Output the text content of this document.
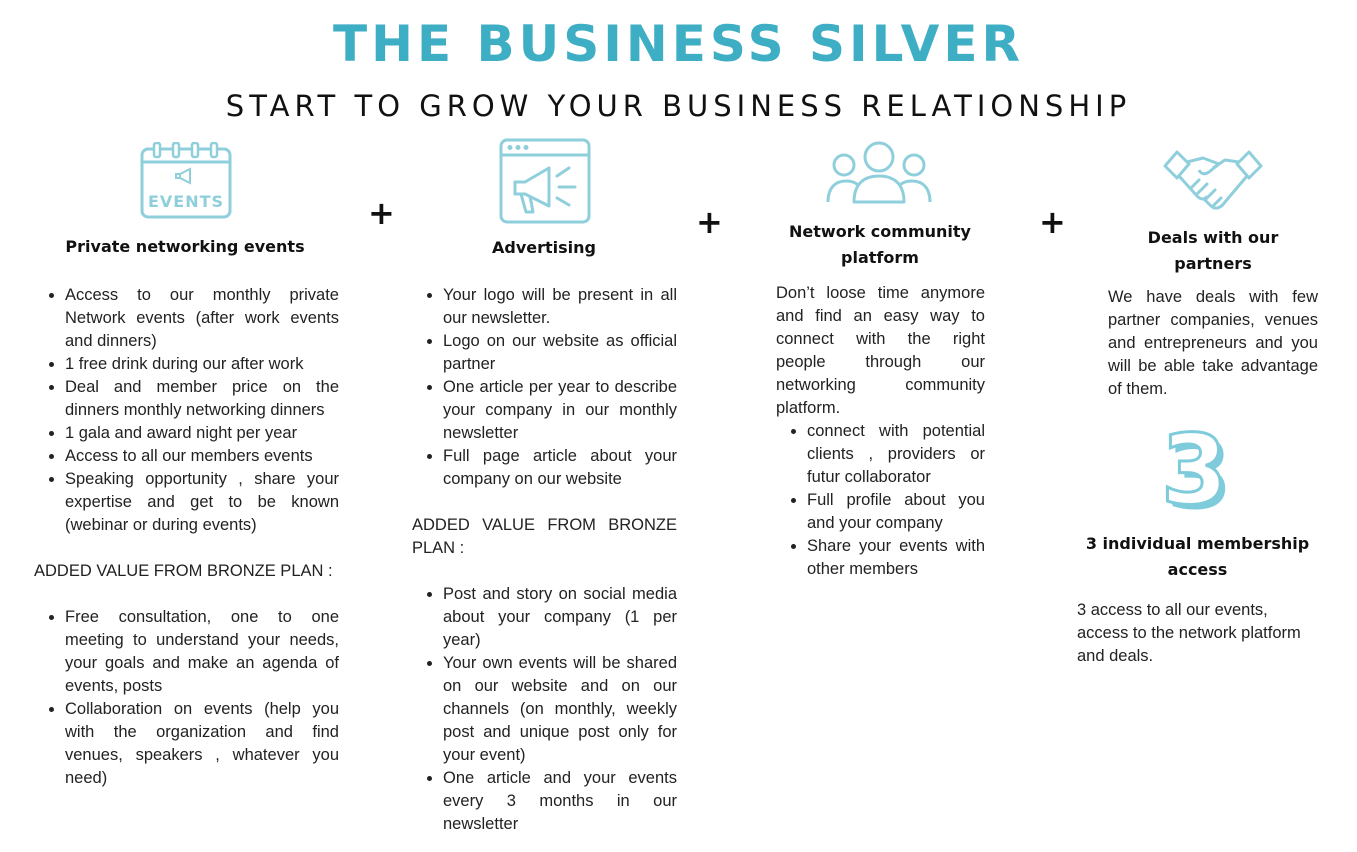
THE BUSINESS SILVER
START TO GROW YOUR BUSINESS RELATIONSHIP
+	+	+
EVENTS
Private networking events
• Access to our monthly private Network events (after work events and dinners)
• 1 free drink during our after work
• Deal and member price on the dinners monthly networking dinners
• 1 gala and award night per year
• Access to all our members events
• Speaking opportunity , share your expertise and get to be known (webinar or during events)

ADDED VALUE FROM BRONZE PLAN :

• Free consultation, one to one meeting to understand your needs, your goals and make an agenda of events, posts
• Collaboration on events (help you with the organization and find venues, speakers , whatever you need)
Advertising
• Your logo will be present in all our newsletter.
• Logo on our website as official partner
• One article per year to describe your company in our monthly newsletter
• Full page article about your company on our website

ADDED VALUE FROM BRONZE PLAN :

• Post and story on social media about your company (1 per year)
• Your own events will be shared on our website and on our channels (on monthly, weekly post and unique post only for your event)
• One article and your events every 3 months in our newsletter
Network community platform

Don’t loose time anymore and find an easy way to connect with the right people through our networking community platform.

• connect with potential clients , providers or futur collaborator
• Full profile about you and your company
• Share your events with other members
Deals with our partners

We have deals with few partner companies, venues and entrepreneurs and you will be able take advantage of them.

3
3 individual membership access

3 access to all our events, access to the network platform and deals.
